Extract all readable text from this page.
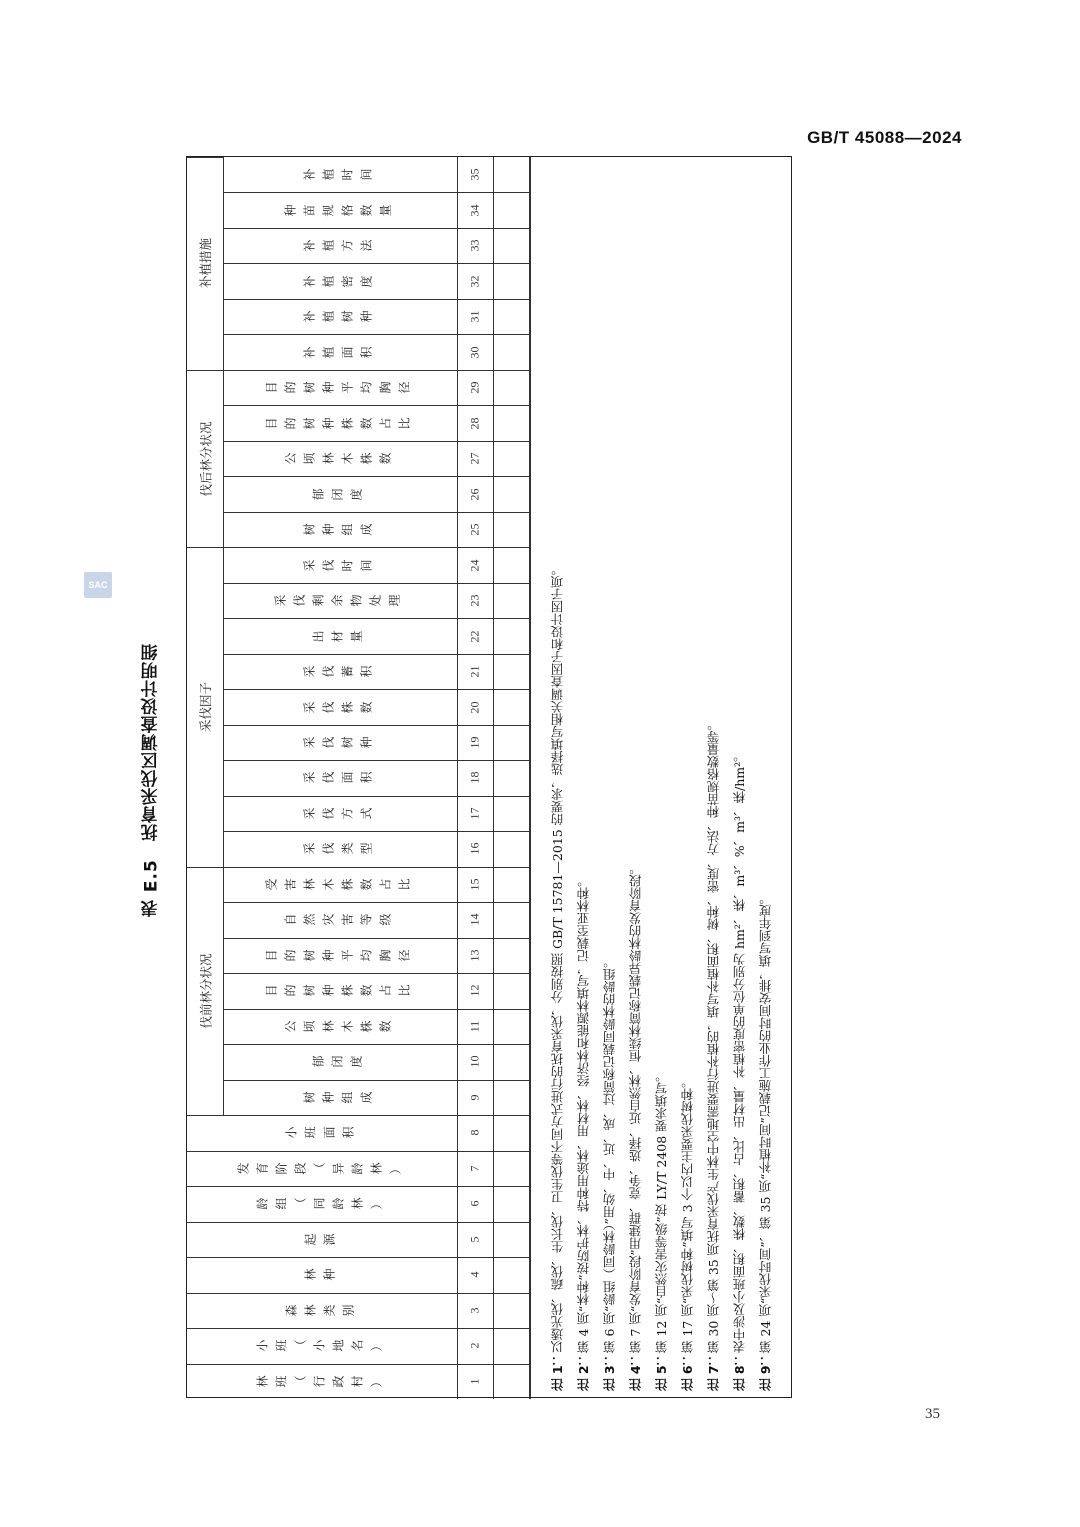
GB/T 45088—2024
SAC
表 E.5　抚育采伐区调查设计明细
伐前林分状况
采伐因子
伐后林分状况
补植措施
林 班 （ 行 政 村 ）	1
小 班 （ 小 地 名 ）	2
森 林 类 别	3
林 种	4
起 源	5
龄 组 （ 同 龄 林 ）	6
发 育 阶 段 （ 异 龄 林 ）	7
小 班 面 积	8
树 种 组 成	9
郁 闭 度	10
公 顷 林 木 株 数	11
目 的 树 种 株 数 占 比	12
目 的 树 种 平 均 胸 径	13
自 然 灾 害 等 级	14
受 害 林 木 株 数 占 比	15
采 伐 类 型	16
采 伐 方 式	17
采 伐 面 积	18
采 伐 树 种	19
采 伐 株 数	20
采 伐 蓄 积	21
出 材 量	22
采 伐 剩 余 物 处 理	23
采 伐 时 间	24
树 种 组 成	25
郁 闭 度	26
公 顷 林 木 株 数	27
目 的 树 种 株 数 占 比	28
目 的 树 种 平 均 胸 径	29
补 植 面 积	30
补 植 树 种	31
补 植 密 度	32
补 植 方 法	33
种 苗 规 格 数 量	34
补 植 时 间	35
注 1：
以透光伐、疏伐、生长伐、卫生伐等不同方式进行的抚育采伐，分别按照 GB/T 15781—2015 的要求，选择填写相关调查因子和设计因子项。
注 2：
第 4 项“林种”按防护林、特种用途林、用材林、经济林和能源林填写，记载至亚林种。
注 3：
第 6 项“龄组（同龄林）”用幼、中、近、成、过简称记载同龄林的龄组。
注 4：
第 7 项“发育阶段”用建群、竞争、选择、近自然林、恒续林简称记载异龄林的发育阶段。
注 5：
第 12 项“自然灾害等级”按 LY/T 2408 要求填写。
注 6：
第 17 项“采伐树种”填写 3 个以内主要采伐树种。
注 7：
第 30 项～第 35 项抚育采伐产生林中空地需要进行补植的，填写补植面积、树种、密度、方法、种苗规格数量等。
注 8：
表中涉及小班面积、株数、蓄积、占比、出材量、补植密度的单位分别为 hm²、株、m³、%、m³、株/hm²。
注 9：
第 24 项“采伐时间”、第 35 项“补植时间”记载施工作业的时间安排，填写到年度。
35
